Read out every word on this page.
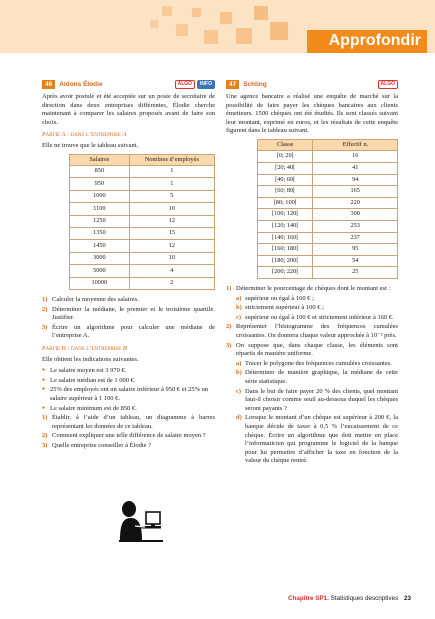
Approfondir
46 Aidons Élodie	ALGO INFO

Après avoir postulé et été acceptée sur un poste de secrétaire de direction dans deux entreprises différentes, Élodie cherche maintenant à comparer les salaires proposés avant de faire son choix.

Partie A : dans l’entreprise A

Elle ne trouve que le tableau suivant.

Salaires	Nombres d’employés
850	1
950	1
1000	5
1100	10
1250	12
1350	15
1450	12
3000	10
5000	4
10000	2
1) Calculer la moyenne des salaires.
2) Déterminer la médiane, le premier et le troisième quartile. Justifier.
3) Écrire un algorithme pour calculer une médiane de l’entreprise A.
Partie B : dans l’entreprise B

Elle obtient les indications suivantes.

● Le salaire moyen est 3 970 €.
● Le salaire médian est de 1 000 €.
● 25% des employés ont un salaire inférieur à 950 € et 25% un salaire supérieur à 1 100 €.
● Le salaire minimum est de 850 €.
1) Établir, à l’aide d’un tableau, un diagramme à barres représentant les données de ce tableau.
2) Comment expliquer une telle différence de salaire moyen ?
3) Quelle entreprise conseiller à Élodie ?
47 Schling	ALGO

Une agence bancaire a réalisé une enquête de marché sur la possibilité de faire payer les chèques bancaires aux clients émetteurs. 1500 chèques ont été étudiés. Ils sont classés suivant leur montant, exprimé en euros, et les résultats de cette enquête figurent dans le tableau suivant.

Classe	Effectif nᵢ
[0; 20[	16
[20; 40[	41
[40; 60[	94
[60; 80[	165
[80; 100[	220
[100; 120[	300
[120; 140[	253
[140; 160[	237
[160; 180[	95
[180; 200[	54
[200; 220[	25
1) Déterminer le pourcentage de chèques dont le montant est :
a) supérieur ou égal à 160 € ;
b) strictement supérieur à 100 € ;
c) supérieur ou égal à 100 € et strictement inférieur à 160 €.
2) Représenter l’histogramme des fréquences cumulées croissantes. On donnera chaque valeur approchée à 10⁻² près.
3) On suppose que, dans chaque classe, les éléments sont répartis de manière uniforme.
a) Tracer le polygone des fréquences cumulées croissantes.
b) Déterminer de manière graphique, la médiane de cette série statistique.
c) Dans le but de faire payer 20 % des clients, quel montant faut-il choisir comme seuil au-dessous duquel les chèques seront payants ?
d) Lorsque le montant d’un chèque est supérieur à 200 €, la banque décide de taxer à 0,5 % l’encaissement de ce chèque. Écrire un algorithme que doit mettre en place l’informaticien qui programme le logiciel de la banque pour lui permettre d’afficher la taxe en fonction de la valeur du chèque rentré.
Chapitre SP1. Statistiques descriptives 23
